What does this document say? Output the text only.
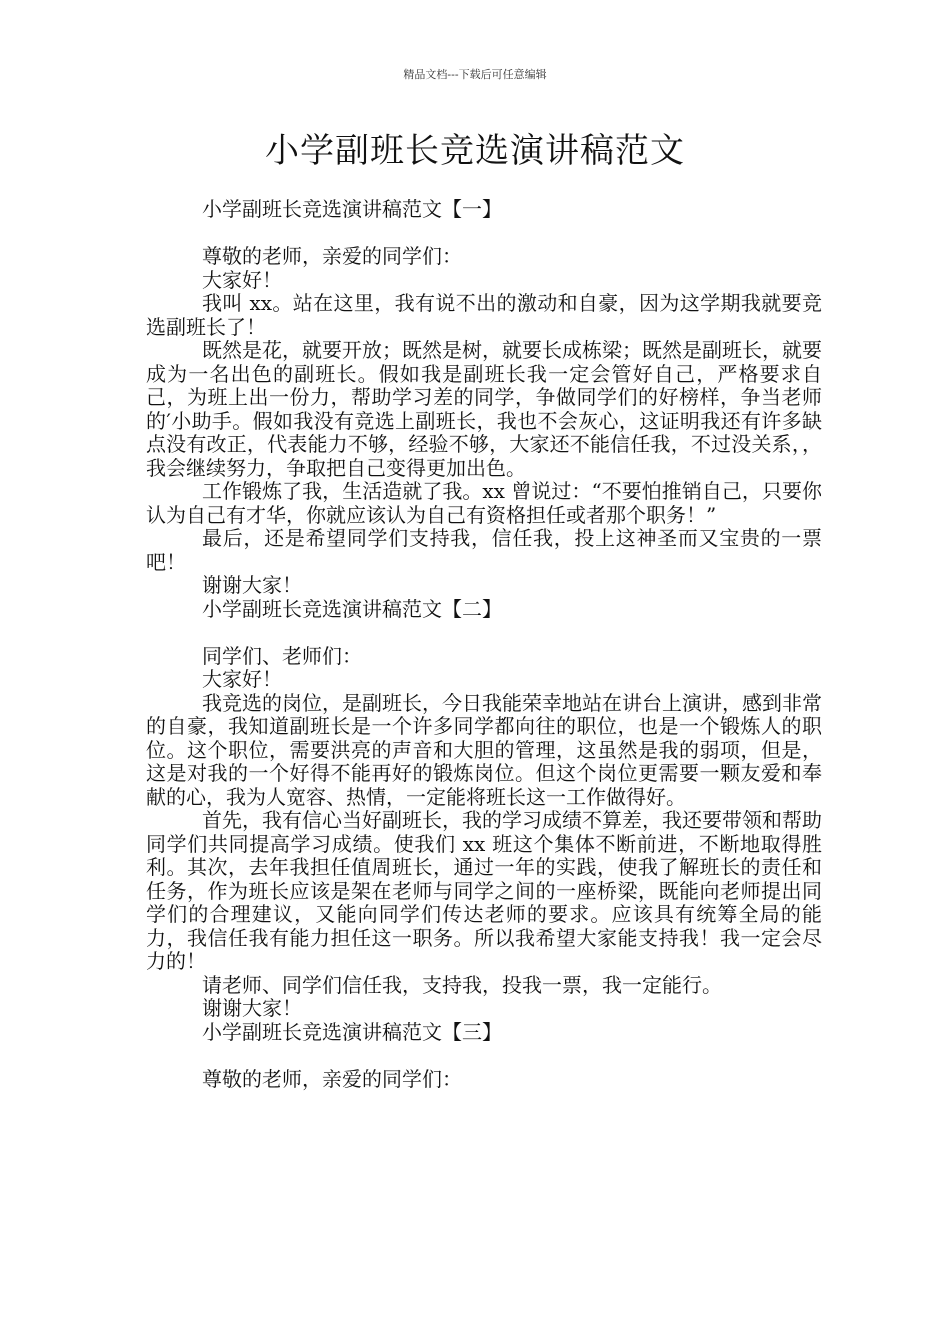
精品文档---下载后可任意编辑
小学副班长竞选演讲稿范文

小学副班长竞选演讲稿范文【一】

尊敬的老师，亲爱的同学们：

大家好！

我叫 xx。站在这里，我有说不出的激动和自豪，因为这学期我就要竞选副班长了！

既然是花，就要开放；既然是树，就要长成栋梁；既然是副班长，就要成为一名出色的副班长。假如我是副班长我一定会管好自己，严格要求自己，为班上出一份力，帮助学习差的同学，争做同学们的好榜样，争当老师的′小助手。假如我没有竞选上副班长，我也不会灰心，这证明我还有许多缺点没有改正，代表能力不够，经验不够，大家还不能信任我，不过没关系，，我会继续努力，争取把自己变得更加出色。

工作锻炼了我，生活造就了我。xx 曾说过：“不要怕推销自己，只要你认为自己有才华，你就应该认为自己有资格担任或者那个职务！”

最后，还是希望同学们支持我，信任我，投上这神圣而又宝贵的一票吧！

谢谢大家！

小学副班长竞选演讲稿范文【二】

同学们、老师们：

大家好！

我竞选的岗位，是副班长，今日我能荣幸地站在讲台上演讲，感到非常的自豪，我知道副班长是一个许多同学都向往的职位，也是一个锻炼人的职位。这个职位，需要洪亮的声音和大胆的管理，这虽然是我的弱项，但是，这是对我的一个好得不能再好的锻炼岗位。但这个岗位更需要一颗友爱和奉献的心，我为人宽容、热情，一定能将班长这一工作做得好。

首先，我有信心当好副班长，我的学习成绩不算差，我还要带领和帮助同学们共同提高学习成绩。使我们 xx 班这个集体不断前进，不断地取得胜利。其次，去年我担任值周班长，通过一年的实践，使我了解班长的责任和任务，作为班长应该是架在老师与同学之间的一座桥梁，既能向老师提出同学们的合理建议，又能向同学们传达老师的要求。应该具有统筹全局的能力，我信任我有能力担任这一职务。所以我希望大家能支持我！我一定会尽力的！

请老师、同学们信任我，支持我，投我一票，我一定能行。

谢谢大家！

小学副班长竞选演讲稿范文【三】

尊敬的老师，亲爱的同学们：
